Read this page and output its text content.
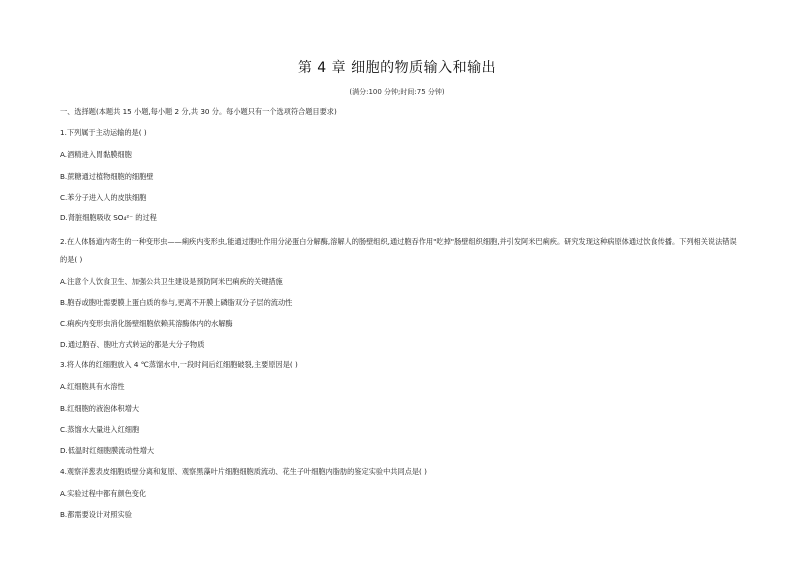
第 4 章 细胞的物质输入和输出
(满分:100 分钟;时间:75 分钟)
一、选择题(本题共 15 小题,每小题 2 分,共 30 分。每小题只有一个选项符合题目要求)
1.下列属于主动运输的是( )
A.酒精进入胃黏膜细胞
B.蔗糖通过植物细胞的细胞壁
C.苯分子进入人的皮肤细胞
D.肾脏细胞吸收 SO₄²⁻ 的过程
2.在人体肠道内寄生的一种变形虫——痢疾内变形虫,能通过胞吐作用分泌蛋白分解酶,溶解人的肠壁组织,通过胞吞作用"吃掉"肠壁组织细胞,并引发阿米巴痢疾。研究发现这种病原体通过饮食传播。下列相关说法错误的是( )
A.注意个人饮食卫生、加强公共卫生建设是预防阿米巴痢疾的关键措施
B.胞吞或胞吐需要膜上蛋白质的参与,更离不开膜上磷脂双分子层的流动性
C.痢疾内变形虫消化肠壁细胞依赖其溶酶体内的水解酶
D.通过胞吞、胞吐方式转运的都是大分子物质
3.将人体的红细胞放入 4 ℃蒸馏水中,一段时间后红细胞破裂,主要原因是( )
A.红细胞具有水溶性
B.红细胞的液泡体积增大
C.蒸馏水大量进入红细胞
D.低温时红细胞膜流动性增大
4.观察洋葱表皮细胞质壁分离和复原、观察黑藻叶片细胞细胞质流动、花生子叶细胞内脂肪的鉴定实验中共同点是( )
A.实验过程中都有颜色变化
B.都需要设计对照实验
